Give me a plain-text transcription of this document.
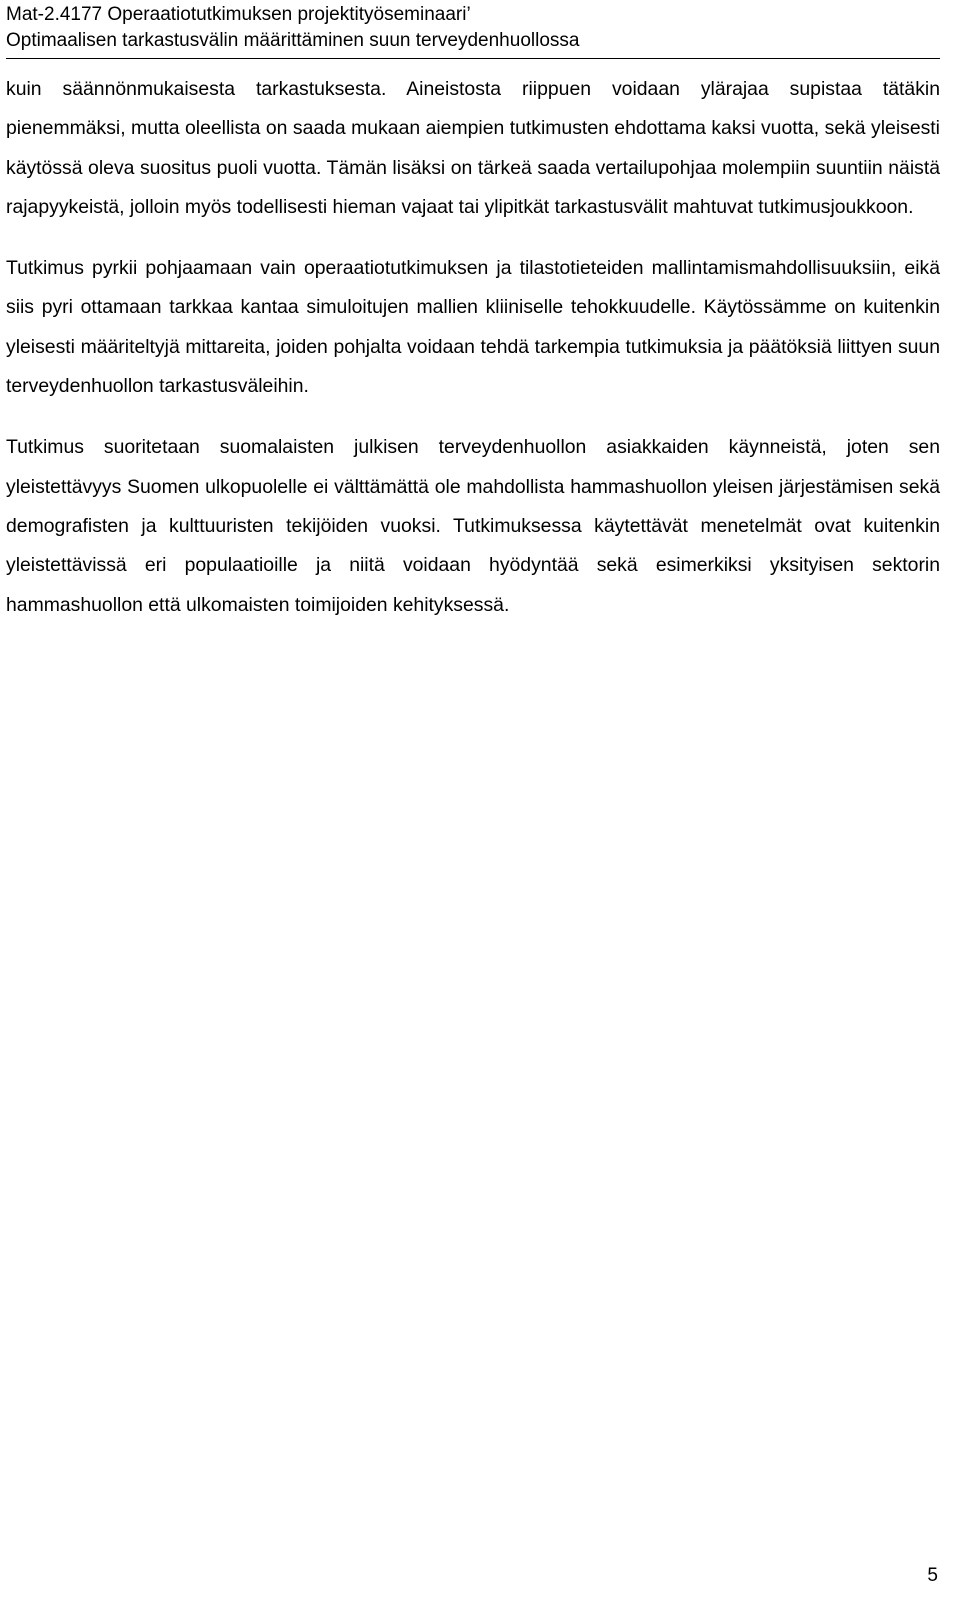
Mat-2.4177 Operaatiotutkimuksen projektityöseminaari’
Optimaalisen tarkastusvälin määrittäminen suun terveydenhuollossa

kuin säännönmukaisesta tarkastuksesta. Aineistosta riippuen voidaan ylärajaa supistaa tätäkin pienemmäksi, mutta oleellista on saada mukaan aiempien tutkimusten ehdottama kaksi vuotta, sekä yleisesti käytössä oleva suositus puoli vuotta. Tämän lisäksi on tärkeä saada vertailupohjaa molempiin suuntiin näistä rajapyykeistä, jolloin myös todellisesti hieman vajaat tai ylipitkät tarkastusvälit mahtuvat tutkimusjoukkoon.

Tutkimus pyrkii pohjaamaan vain operaatiotutkimuksen ja tilastotieteiden mallintamismahdollisuuksiin, eikä siis pyri ottamaan tarkkaa kantaa simuloitujen mallien kliiniselle tehokkuudelle. Käytössämme on kuitenkin yleisesti määriteltyjä mittareita, joiden pohjalta voidaan tehdä tarkempia tutkimuksia ja päätöksiä liittyen suun terveydenhuollon tarkastusväleihin.

Tutkimus suoritetaan suomalaisten julkisen terveydenhuollon asiakkaiden käynneistä, joten sen yleistettävyys Suomen ulkopuolelle ei välttämättä ole mahdollista hammashuollon yleisen järjestämisen sekä demografisten ja kulttuuristen tekijöiden vuoksi. Tutkimuksessa käytettävät menetelmät ovat kuitenkin yleistettävissä eri populaatioille ja niitä voidaan hyödyntää sekä esimerkiksi yksityisen sektorin hammashuollon että ulkomaisten toimijoiden kehityksessä.

5
